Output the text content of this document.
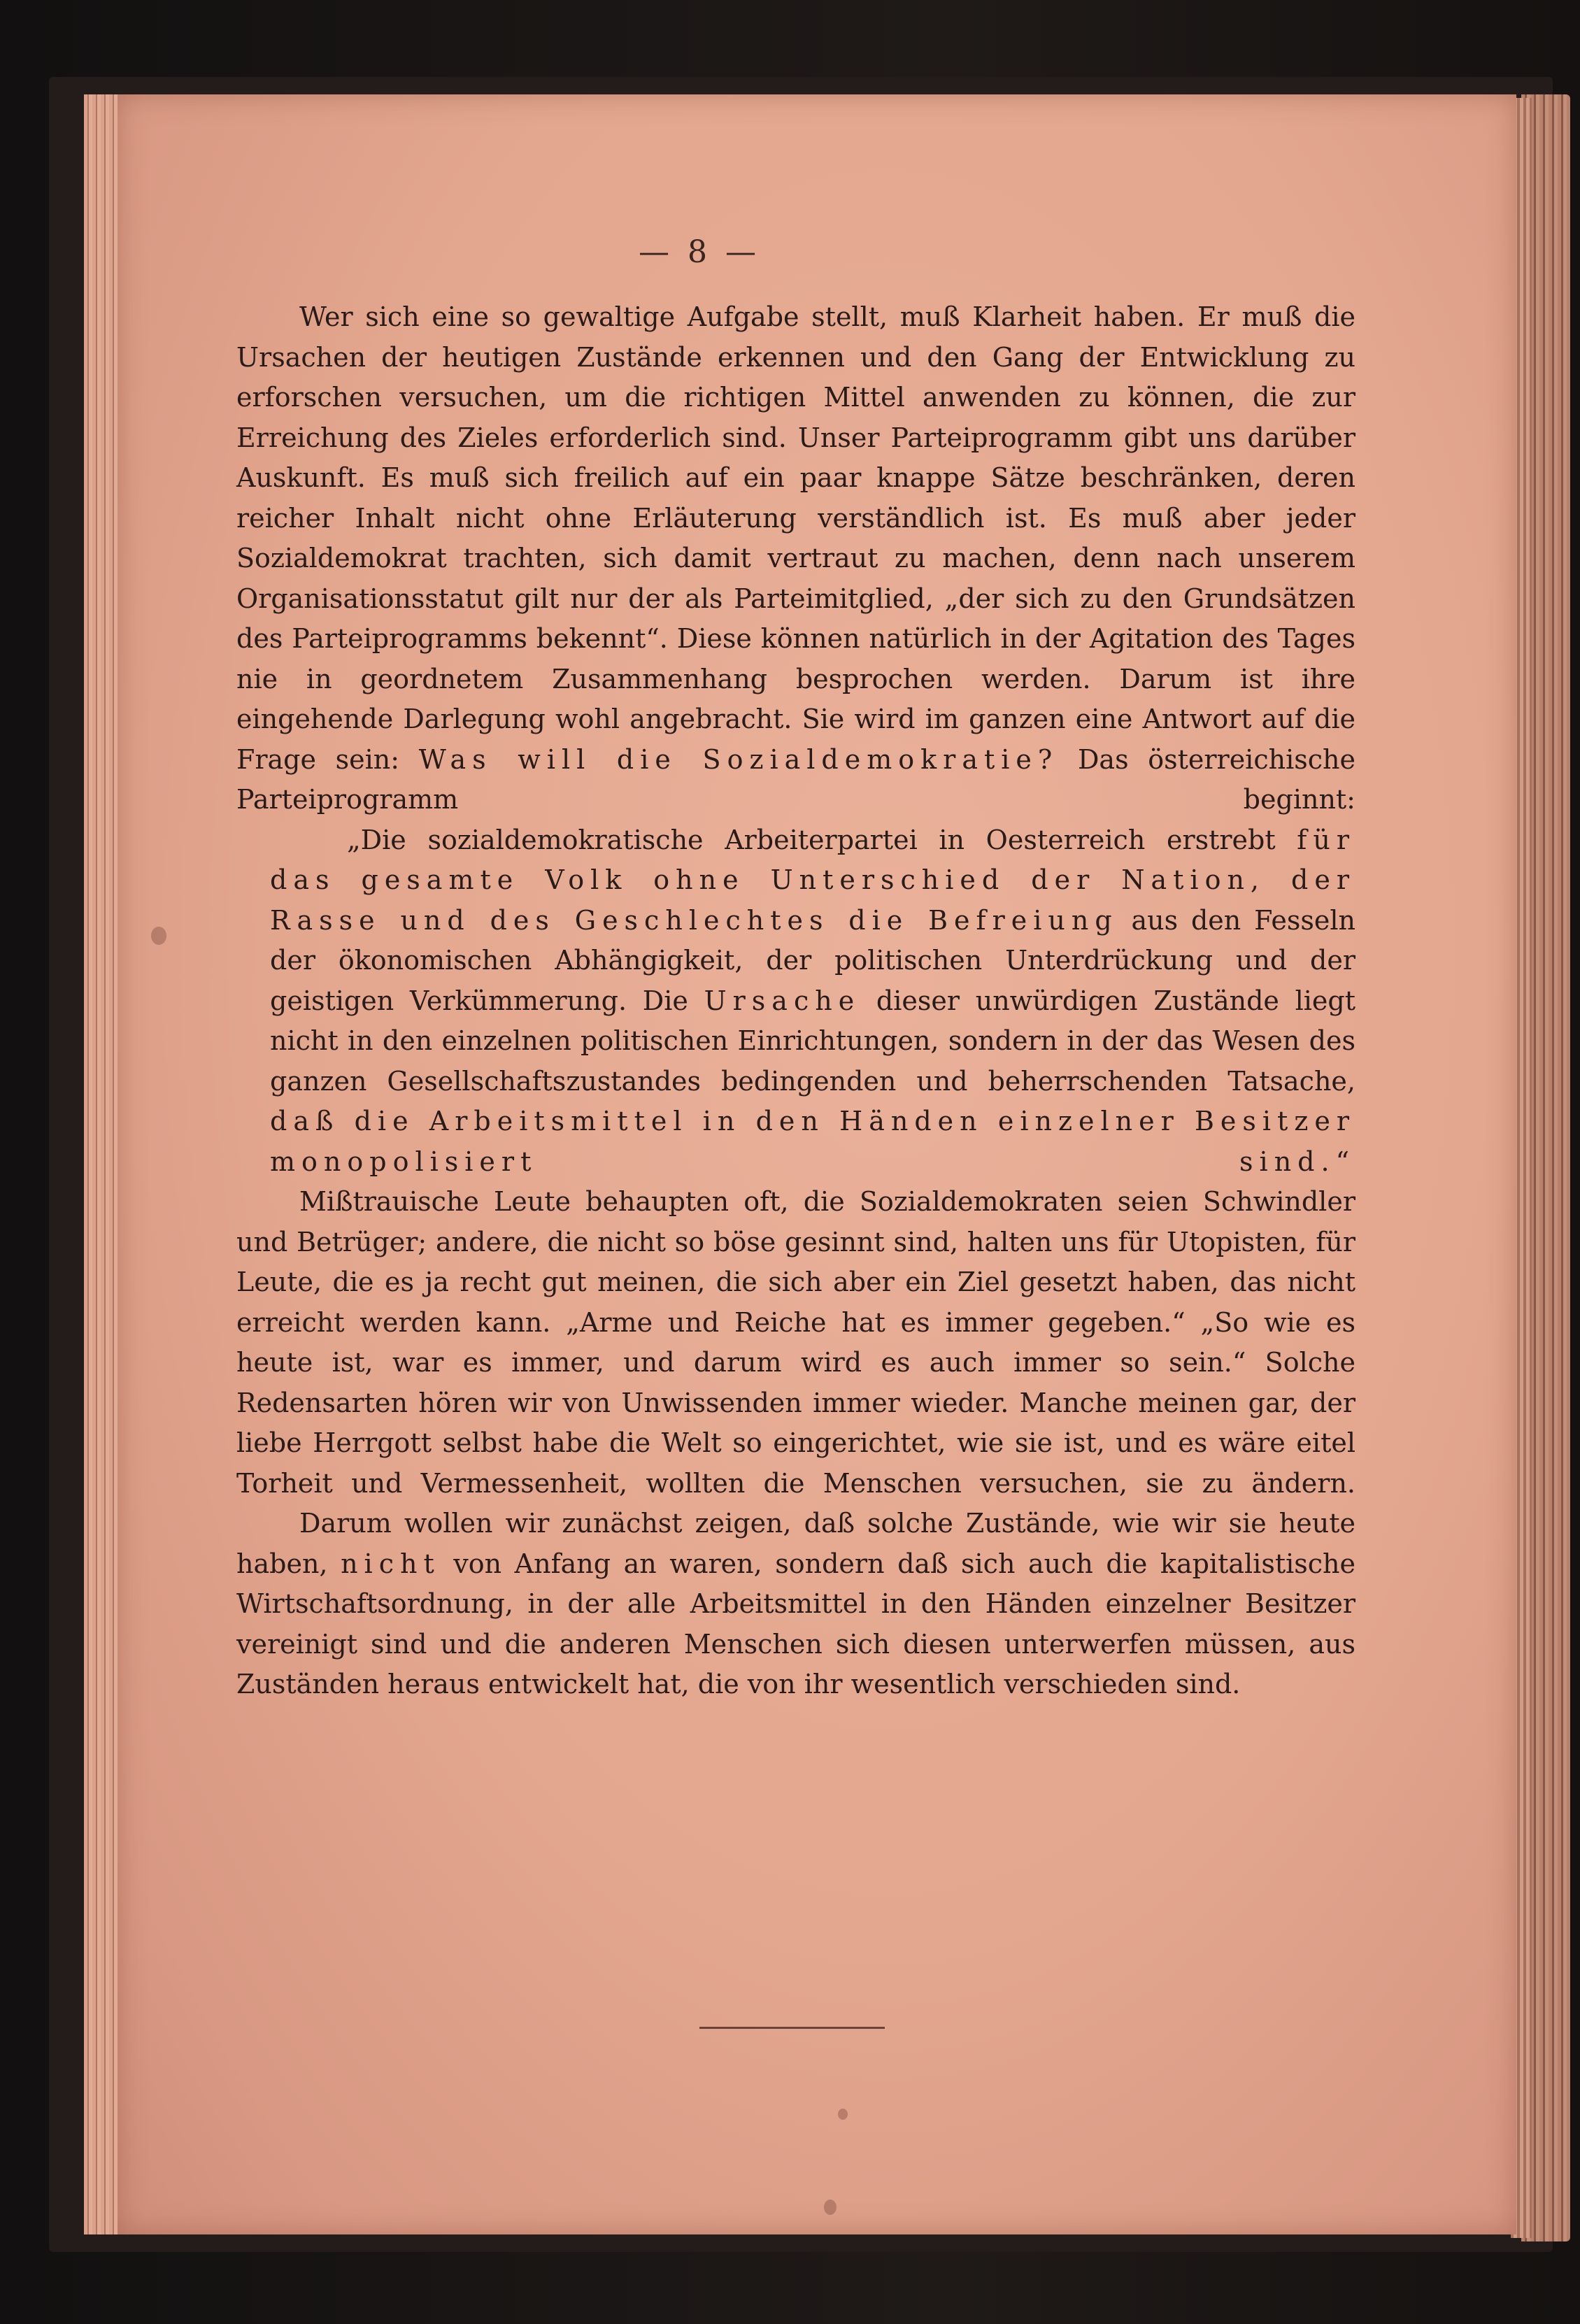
— 8 —

Wer sich eine so gewaltige Aufgabe stellt, muß Klarheit haben. Er muß die Ursachen der heutigen Zustände erkennen und den Gang der Entwicklung zu erforschen versuchen, um die richtigen Mittel anwenden zu können, die zur Erreichung des Zieles erforderlich sind. Unser Parteiprogramm gibt uns darüber Auskunft. Es muß sich freilich auf ein paar knappe Sätze beschränken, deren reicher Inhalt nicht ohne Erläuterung verständlich ist. Es muß aber jeder Sozialdemokrat trachten, sich damit vertraut zu machen, denn nach unserem Organisationsstatut gilt nur der als Parteimitglied, „der sich zu den Grundsätzen des Parteiprogramms bekennt“. Diese können natürlich in der Agitation des Tages nie in geordnetem Zusammenhang besprochen werden. Darum ist ihre eingehende Darlegung wohl angebracht. Sie wird im ganzen eine Antwort auf die Frage sein: Was will die Sozialdemokratie? Das österreichische Parteiprogramm beginnt:

„Die sozialdemokratische Arbeiterpartei in Oesterreich erstrebt für das gesamte Volk ohne Unterschied der Nation, der Rasse und des Geschlechtes die Befreiung aus den Fesseln der ökonomischen Abhängigkeit, der politischen Unterdrückung und der geistigen Verkümmerung. Die Ursache dieser unwürdigen Zustände liegt nicht in den einzelnen politischen Einrichtungen, sondern in der das Wesen des ganzen Gesellschaftszustandes bedingenden und beherrschenden Tatsache, daß die Arbeitsmittel in den Händen einzelner Besitzer monopolisiert sind.“

Mißtrauische Leute behaupten oft, die Sozialdemokraten seien Schwindler und Betrüger; andere, die nicht so böse gesinnt sind, halten uns für Utopisten, für Leute, die es ja recht gut meinen, die sich aber ein Ziel gesetzt haben, das nicht erreicht werden kann. „Arme und Reiche hat es immer gegeben.“ „So wie es heute ist, war es immer, und darum wird es auch immer so sein.“ Solche Redensarten hören wir von Unwissenden immer wieder. Manche meinen gar, der liebe Herrgott selbst habe die Welt so eingerichtet, wie sie ist, und es wäre eitel Torheit und Vermessenheit, wollten die Menschen versuchen, sie zu ändern.

Darum wollen wir zunächst zeigen, daß solche Zustände, wie wir sie heute haben, nicht von Anfang an waren, sondern daß sich auch die kapitalistische Wirtschaftsordnung, in der alle Arbeitsmittel in den Händen einzelner Besitzer vereinigt sind und die anderen Menschen sich diesen unterwerfen müssen, aus Zuständen heraus entwickelt hat, die von ihr wesentlich verschieden sind.
